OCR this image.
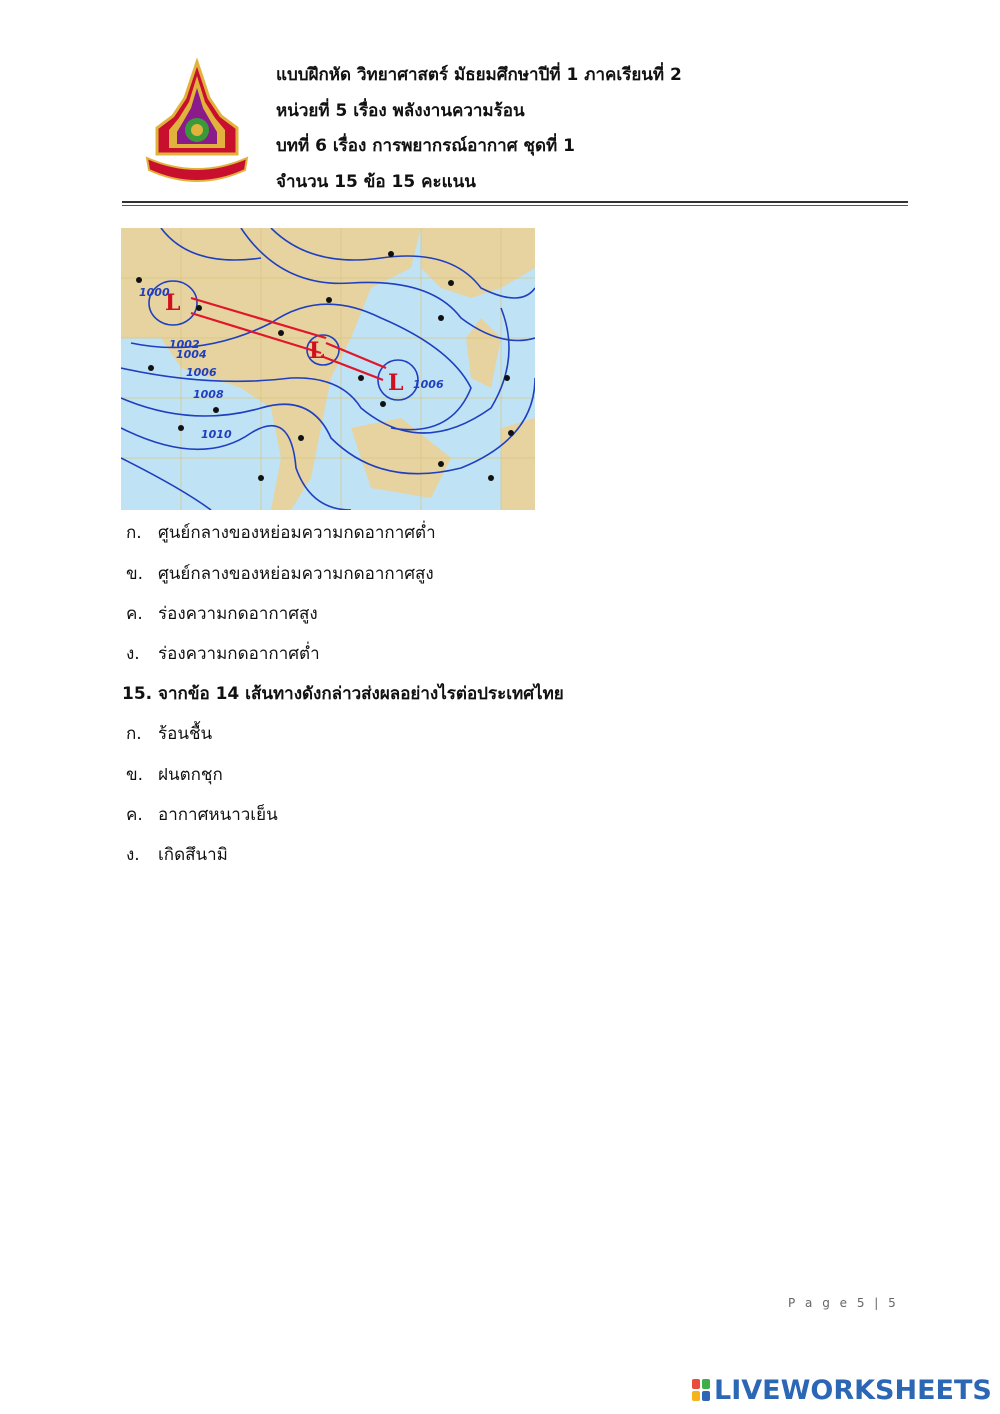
แบบฝึกหัด วิทยาศาสตร์ มัธยมศึกษาปีที่ 1 ภาคเรียนที่ 2
หน่วยที่ 5 เรื่อง พลังงานความร้อน
บทที่ 6 เรื่อง การพยากรณ์อากาศ ชุดที่ 1
จำนวน 15 ข้อ 15 คะแนน
L
L
L
1000
1002
1004
1006
1008
1010
1006
ก. ศูนย์กลางของหย่อมความกดอากาศต่ำ
ข. ศูนย์กลางของหย่อมความกดอากาศสูง
ค. ร่องความกดอากาศสูง
ง. ร่องความกดอากาศต่ำ
15. จากข้อ 14 เส้นทางดังกล่าวส่งผลอย่างไรต่อประเทศไทย
ก. ร้อนชื้น
ข. ฝนตกชุก
ค. อากาศหนาวเย็น
ง. เกิดสึนามิ
P a g e 5 | 5
LIVEWORKSHEETS
